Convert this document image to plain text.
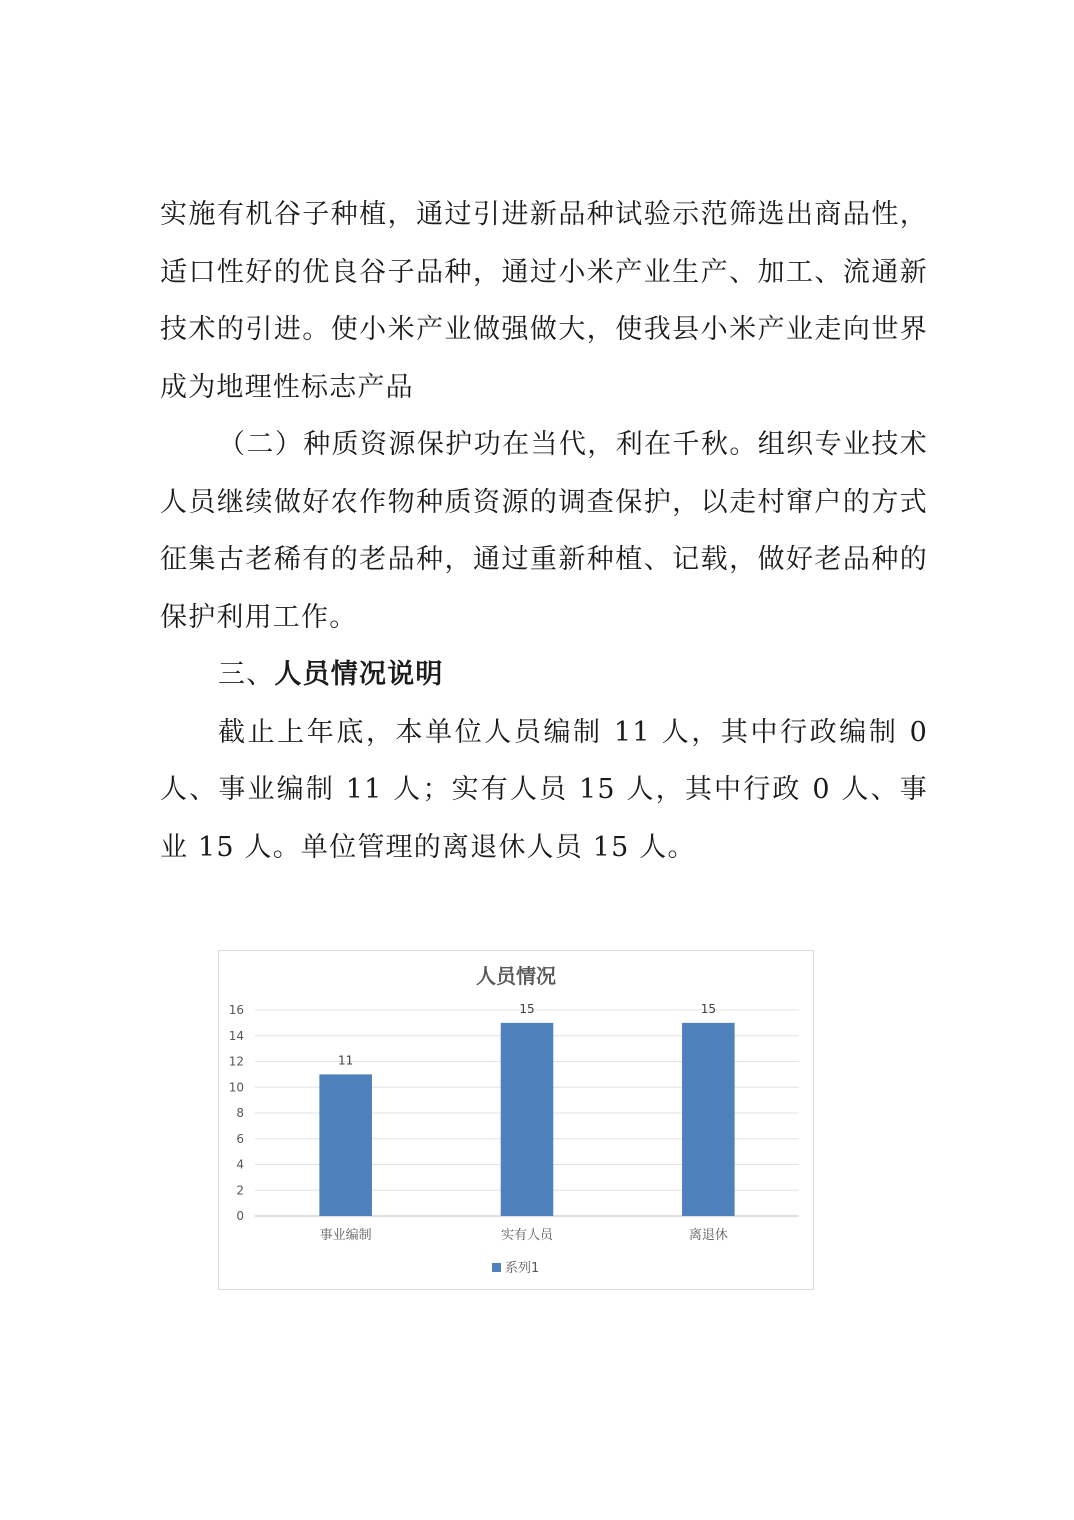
实施有机谷子种植，通过引进新品种试验示范筛选出商品性，适口性好的优良谷子品种，通过小米产业生产、加工、流通新技术的引进。使小米产业做强做大，使我县小米产业走向世界成为地理性标志产品

（二）种质资源保护功在当代，利在千秋。组织专业技术人员继续做好农作物种质资源的调查保护，以走村窜户的方式征集古老稀有的老品种，通过重新种植、记载，做好老品种的保护利用工作。

三、人员情况说明

截止上年底，本单位人员编制 11 人，其中行政编制 0 人、事业编制 11 人；实有人员 15 人，其中行政 0 人、事业 15 人。单位管理的离退休人员 15 人。

人员情况
0
2
4
6
8
10
12
14
16
11
15	15
事业编制	实有人员	离退休
系列1
